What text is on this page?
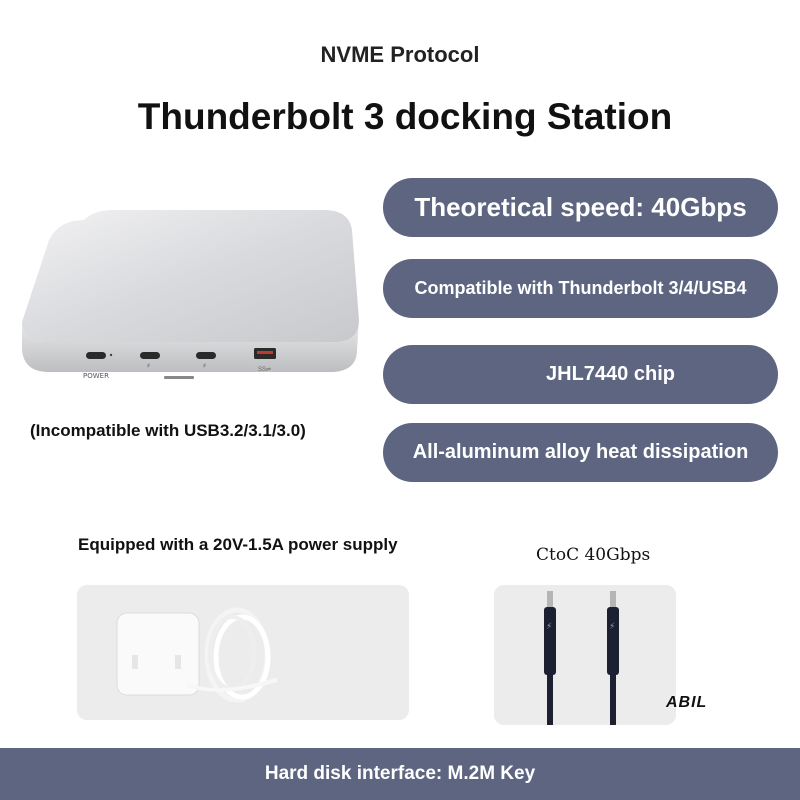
NVME Protocol
Thunderbolt 3 docking Station
⚡	⚡	SS⇌
POWER
(Incompatible with USB3.2/3.1/3.0)
Theoretical speed: 40Gbps
Compatible with Thunderbolt 3/4/USB4
JHL7440 chip
All-aluminum alloy heat dissipation
Equipped with a 20V-1.5A power supply
CtoC 40Gbps
⚡	⚡
ABIL
Hard disk interface: M.2M Key
